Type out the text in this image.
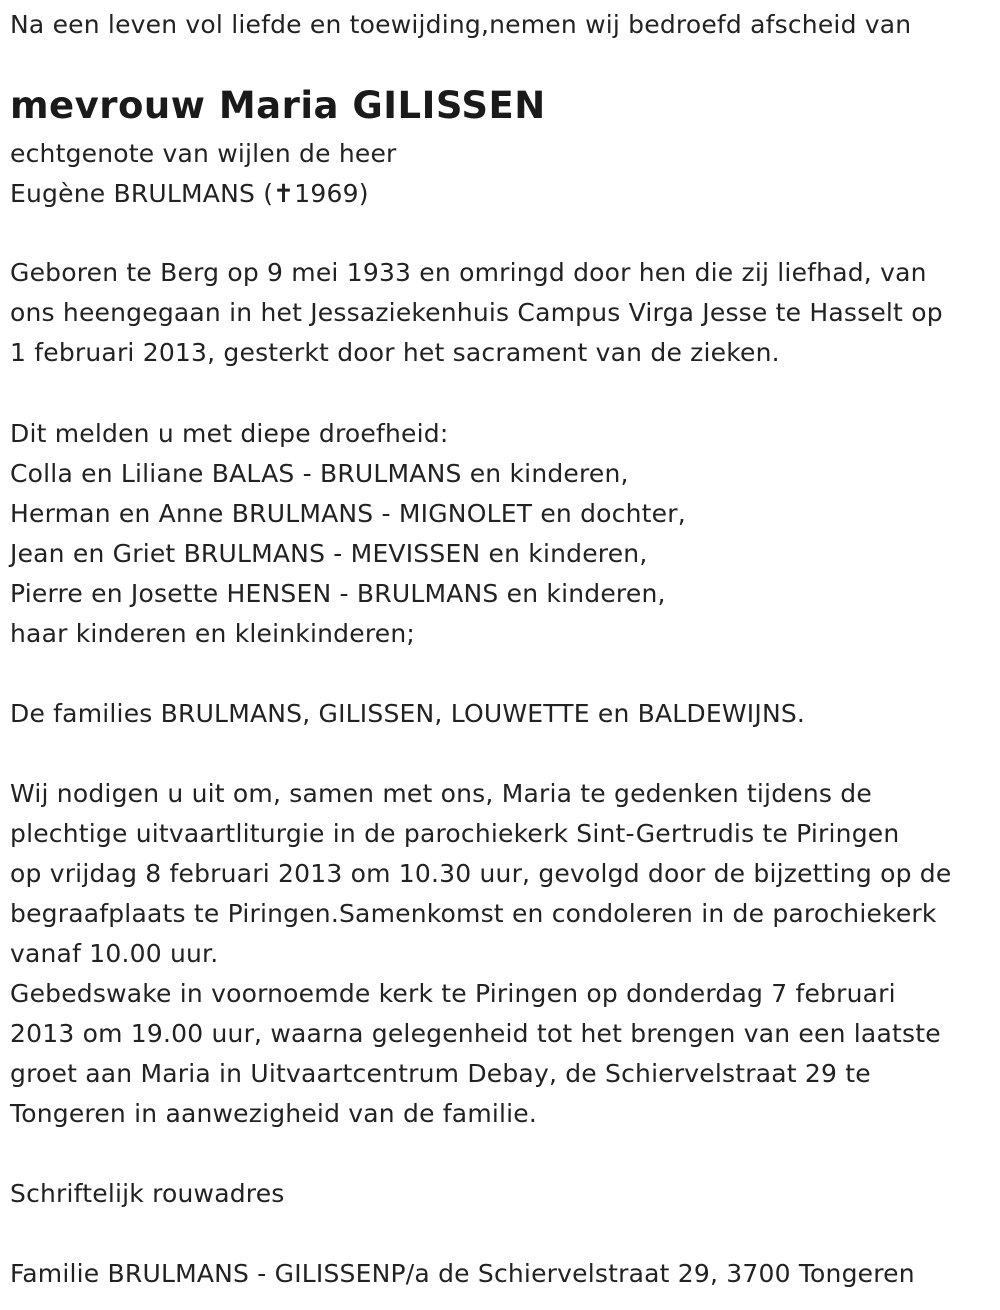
Na een leven vol liefde en toewijding,nemen wij bedroefd afscheid van
mevrouw Maria GILISSEN
echtgenote van wijlen de heer
Eugène BRULMANS (✝1969)
Geboren te Berg op 9 mei 1933 en omringd door hen die zij liefhad, van
ons heengegaan in het Jessaziekenhuis Campus Virga Jesse te Hasselt op
1 februari 2013, gesterkt door het sacrament van de zieken.
Dit melden u met diepe droefheid:
Colla en Liliane BALAS - BRULMANS en kinderen,
Herman en Anne BRULMANS - MIGNOLET en dochter,
Jean en Griet BRULMANS - MEVISSEN en kinderen,
Pierre en Josette HENSEN - BRULMANS en kinderen,
haar kinderen en kleinkinderen;
De families BRULMANS, GILISSEN, LOUWETTE en BALDEWIJNS.
Wij nodigen u uit om, samen met ons, Maria te gedenken tijdens de
plechtige uitvaartliturgie in de parochiekerk Sint-Gertrudis te Piringen
op vrijdag 8 februari 2013 om 10.30 uur, gevolgd door de bijzetting op de
begraafplaats te Piringen.Samenkomst en condoleren in de parochiekerk
vanaf 10.00 uur.
Gebedswake in voornoemde kerk te Piringen op donderdag 7 februari
2013 om 19.00 uur, waarna gelegenheid tot het brengen van een laatste
groet aan Maria in Uitvaartcentrum Debay, de Schiervelstraat 29 te
Tongeren in aanwezigheid van de familie.
Schriftelijk rouwadres
Familie BRULMANS - GILISSENP/a de Schiervelstraat 29, 3700 Tongeren
